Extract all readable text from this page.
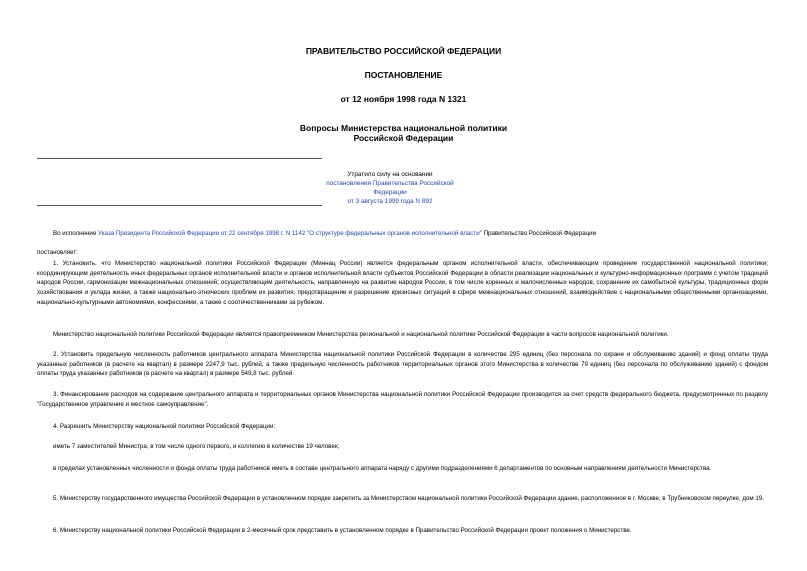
ПРАВИТЕЛЬСТВО РОССИЙСКОЙ ФЕДЕРАЦИИ
ПОСТАНОВЛЕНИЕ
от 12 ноября 1998 года N 1321
Вопросы Министерства национальной политики
Российской Федерации
Утратило силу на основании
постановления Правительства Российской Федерации
от 3 августа 1999 года N 892
Во исполнение Указа Президента Российской Федерации от 22 сентября 1998 г. N 1142 "О структуре федеральных органов исполнительной власти" Правительство Российской Федерации
постановляет:
1. Установить, что Министерство национальной политики Российской Федерации (Миннац России) является федеральным органом исполнительной власти, обеспечивающим проведение государственной национальной политики; координирующим деятельность иных федеральных органов исполнительной власти и органов исполнительной власти субъектов Российской Федерации в области реализации национальных и культурно-информационных программ с учетом традиций народов России, гармонизации межнациональных отношений; осуществляющим деятельность, направленную на развитие народов России, в том числе коренных и малочисленных народов, сохранение их самобытной культуры, традиционных форм хозяйствования и уклада жизни, а также национально-этнических проблем их развития, предотвращение и разрешение кризисных ситуаций в сфере межнациональных отношений, взаимодействие с национальными общественными организациями, национально-культурными автономиями, конфессиями, а также с соотечественниками за рубежом.
Министерство национальной политики Российской Федерации является правопреемником Министерства региональной и национальной политики Российской Федерации в части вопросов национальной политики.
2. Установить предельную численность работников центрального аппарата Министерства национальной политики Российской Федерации в количестве 295 единиц (без персонала по охране и обслуживанию зданий) и фонд оплаты труда указанных работников (в расчете на квартал) в размере 2247,9 тыс. рублей, а также предельную численность работников территориальных органов этого Министерства в количестве 79 единиц (без персонала по обслуживанию зданий) с фондом оплаты труда указанных работников (в расчете на квартал) в размере 549,8 тыс. рублей.
3. Финансирование расходов на содержание центрального аппарата и территориальных органов Министерства национальной политики Российской Федерации производится за счет средств федерального бюджета, предусмотренных по разделу "Государственное управление и местное самоуправление".
4. Разрешить Министерству национальной политики Российской Федерации:
иметь 7 заместителей Министра, в том числе одного первого, и коллегию в количестве 19 человек;
в пределах установленных численности и фонда оплаты труда работников иметь в составе центрального аппарата наряду с другими подразделениями 6 департаментов по основным направлениям деятельности Министерства.
5. Министерству государственного имущества Российской Федерации в установленном порядке закрепить за Министерством национальной политики Российской Федерации здание, расположенное в г. Москве, в Трубниковском переулке, дом 19.
6. Министерству национальной политики Российской Федерации в 2-месячный срок представить в установленном порядке в Правительство Российской Федерации проект положения о Министерстве.
